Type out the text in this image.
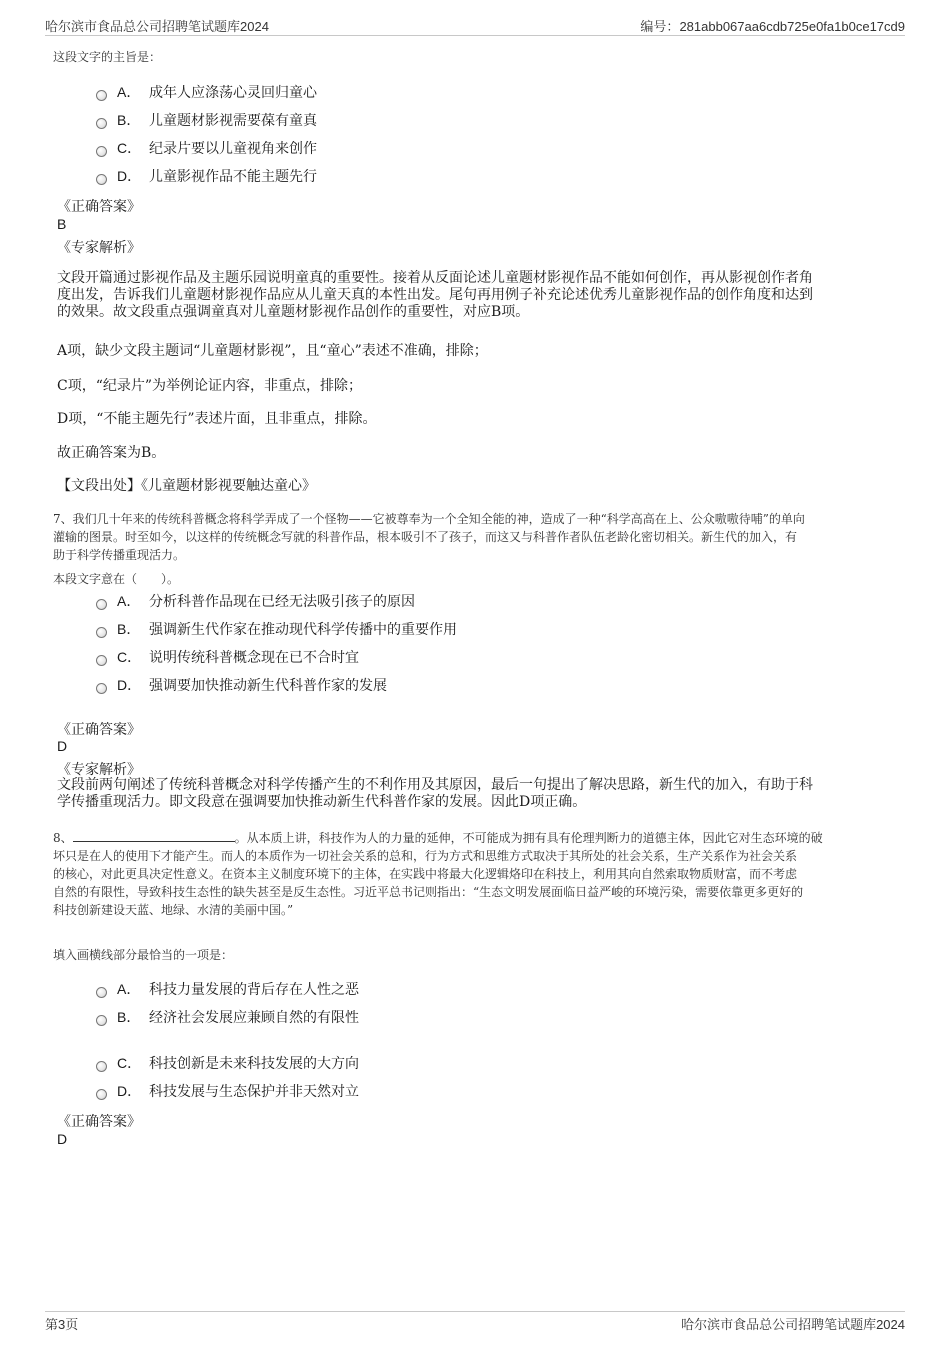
哈尔滨市食品总公司招聘笔试题库2024	编号：281abb067aa6cdb725e0fa1b0ce17cd9
这段文字的主旨是：
A． 成年人应涤荡心灵回归童心
B． 儿童题材影视需要葆有童真
C． 纪录片要以儿童视角来创作
D． 儿童影视作品不能主题先行
《正确答案》
B
《专家解析》
文段开篇通过影视作品及主题乐园说明童真的重要性。接着从反面论述儿童题材影视作品不能如何创作，再从影视创作者角
度出发，告诉我们儿童题材影视作品应从儿童天真的本性出发。尾句再用例子补充论述优秀儿童影视作品的创作角度和达到
的效果。故文段重点强调童真对儿童题材影视作品创作的重要性，对应B项。
A项，缺少文段主题词“儿童题材影视”，且“童心”表述不准确，排除；
C项，“纪录片”为举例论证内容，非重点，排除；
D项，“不能主题先行”表述片面，且非重点，排除。
故正确答案为B。
【文段出处】《儿童题材影视要触达童心》
7、我们几十年来的传统科普概念将科学弄成了一个怪物——它被尊奉为一个全知全能的神，造成了一种“科学高高在上、公众嗷嗷待哺”的单向
灌输的图景。时至如今，以这样的传统概念写就的科普作品，根本吸引不了孩子，而这又与科普作者队伍老龄化密切相关。新生代的加入，有
助于科学传播重现活力。
本段文字意在（　　）。
A． 分析科普作品现在已经无法吸引孩子的原因
B． 强调新生代作家在推动现代科学传播中的重要作用
C． 说明传统科普概念现在已不合时宜
D． 强调要加快推动新生代科普作家的发展
《正确答案》
D
《专家解析》
文段前两句阐述了传统科普概念对科学传播产生的不利作用及其原因，最后一句提出了解决思路，新生代的加入，有助于科
学传播重现活力。即文段意在强调要加快推动新生代科普作家的发展。因此D项正确。
8、	。从本质上讲，科技作为人的力量的延伸，不可能成为拥有具有伦理判断力的道德主体，因此它对生态环境的破
坏只是在人的使用下才能产生。而人的本质作为一切社会关系的总和，行为方式和思维方式取决于其所处的社会关系，生产关系作为社会关系
的核心，对此更具决定性意义。在资本主义制度环境下的主体，在实践中将最大化逻辑烙印在科技上，利用其向自然索取物质财富，而不考虑
自然的有限性，导致科技生态性的缺失甚至是反生态性。习近平总书记则指出：“生态文明发展面临日益严峻的环境污染，需要依靠更多更好的
科技创新建设天蓝、地绿、水清的美丽中国。”
填入画横线部分最恰当的一项是：
A． 科技力量发展的背后存在人性之恶
B． 经济社会发展应兼顾自然的有限性
C． 科技创新是未来科技发展的大方向
D． 科技发展与生态保护并非天然对立
《正确答案》
D
第3页	哈尔滨市食品总公司招聘笔试题库2024
